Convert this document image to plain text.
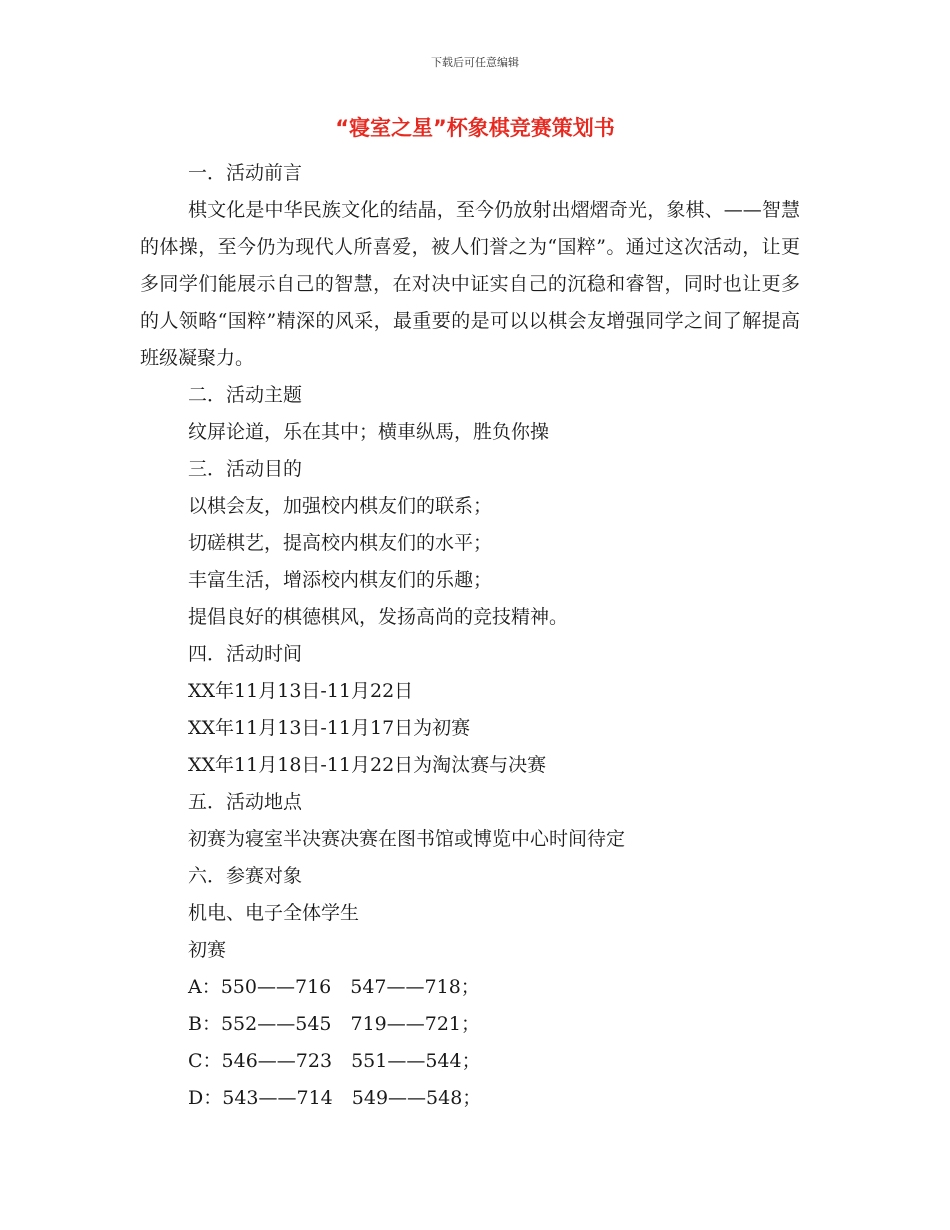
下载后可任意编辑
“寝室之星”杯象棋竞赛策划书
一．活动前言
棋文化是中华民族文化的结晶，至今仍放射出熠熠奇光，象棋、——智慧的体操，至今仍为现代人所喜爱，被人们誉之为“国粹”。通过这次活动，让更多同学们能展示自己的智慧，在对决中证实自己的沉稳和睿智，同时也让更多的人领略“国粹”精深的风采，最重要的是可以以棋会友增强同学之间了解提高班级凝聚力。
二．活动主题
纹屏论道，乐在其中；横車纵馬，胜负你操
三．活动目的
以棋会友，加强校内棋友们的联系；
切磋棋艺，提高校内棋友们的水平；
丰富生活，增添校内棋友们的乐趣；
提倡良好的棋德棋风，发扬高尚的竞技精神。
四．活动时间
XX年11月13日-11月22日
XX年11月13日-11月17日为初赛
XX年11月18日-11月22日为淘汰赛与决赛
五．活动地点
初赛为寝室半决赛决赛在图书馆或博览中心时间待定
六．参赛对象
机电、电子全体学生
初赛
A：550——716　547——718；
B：552——545　719——721；
C：546——723　551——544；
D：543——714　549——548；
